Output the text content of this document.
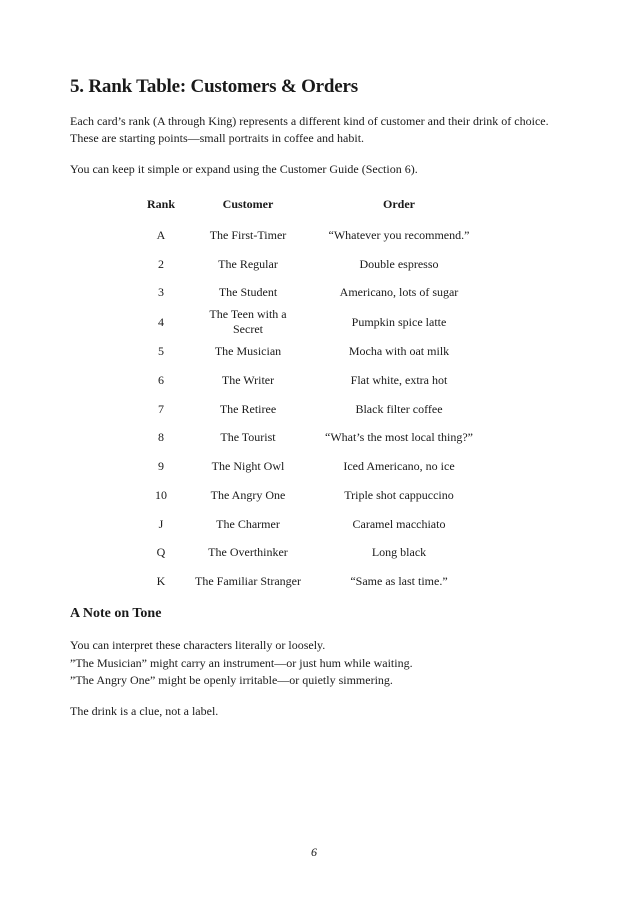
5. Rank Table: Customers & Orders
Each card’s rank (A through King) represents a different kind of customer and their drink of choice.
These are starting points—small portraits in coffee and habit.

You can keep it simple or expand using the Customer Guide (Section 6).

Rank	Customer	Order
A	The First-Timer	“Whatever you recommend.”
2	The Regular	Double espresso
3	The Student	Americano, lots of sugar
4	The Teen with a Secret	Pumpkin spice latte
5	The Musician	Mocha with oat milk
6	The Writer	Flat white, extra hot
7	The Retiree	Black filter coffee
8	The Tourist	“What’s the most local thing?”
9	The Night Owl	Iced Americano, no ice
10	The Angry One	Triple shot cappuccino
J	The Charmer	Caramel macchiato
Q	The Overthinker	Long black
K	The Familiar Stranger	“Same as last time.”
A Note on Tone
You can interpret these characters literally or loosely.
”The Musician” might carry an instrument—or just hum while waiting.
”The Angry One” might be openly irritable—or quietly simmering.

The drink is a clue, not a label.

6
